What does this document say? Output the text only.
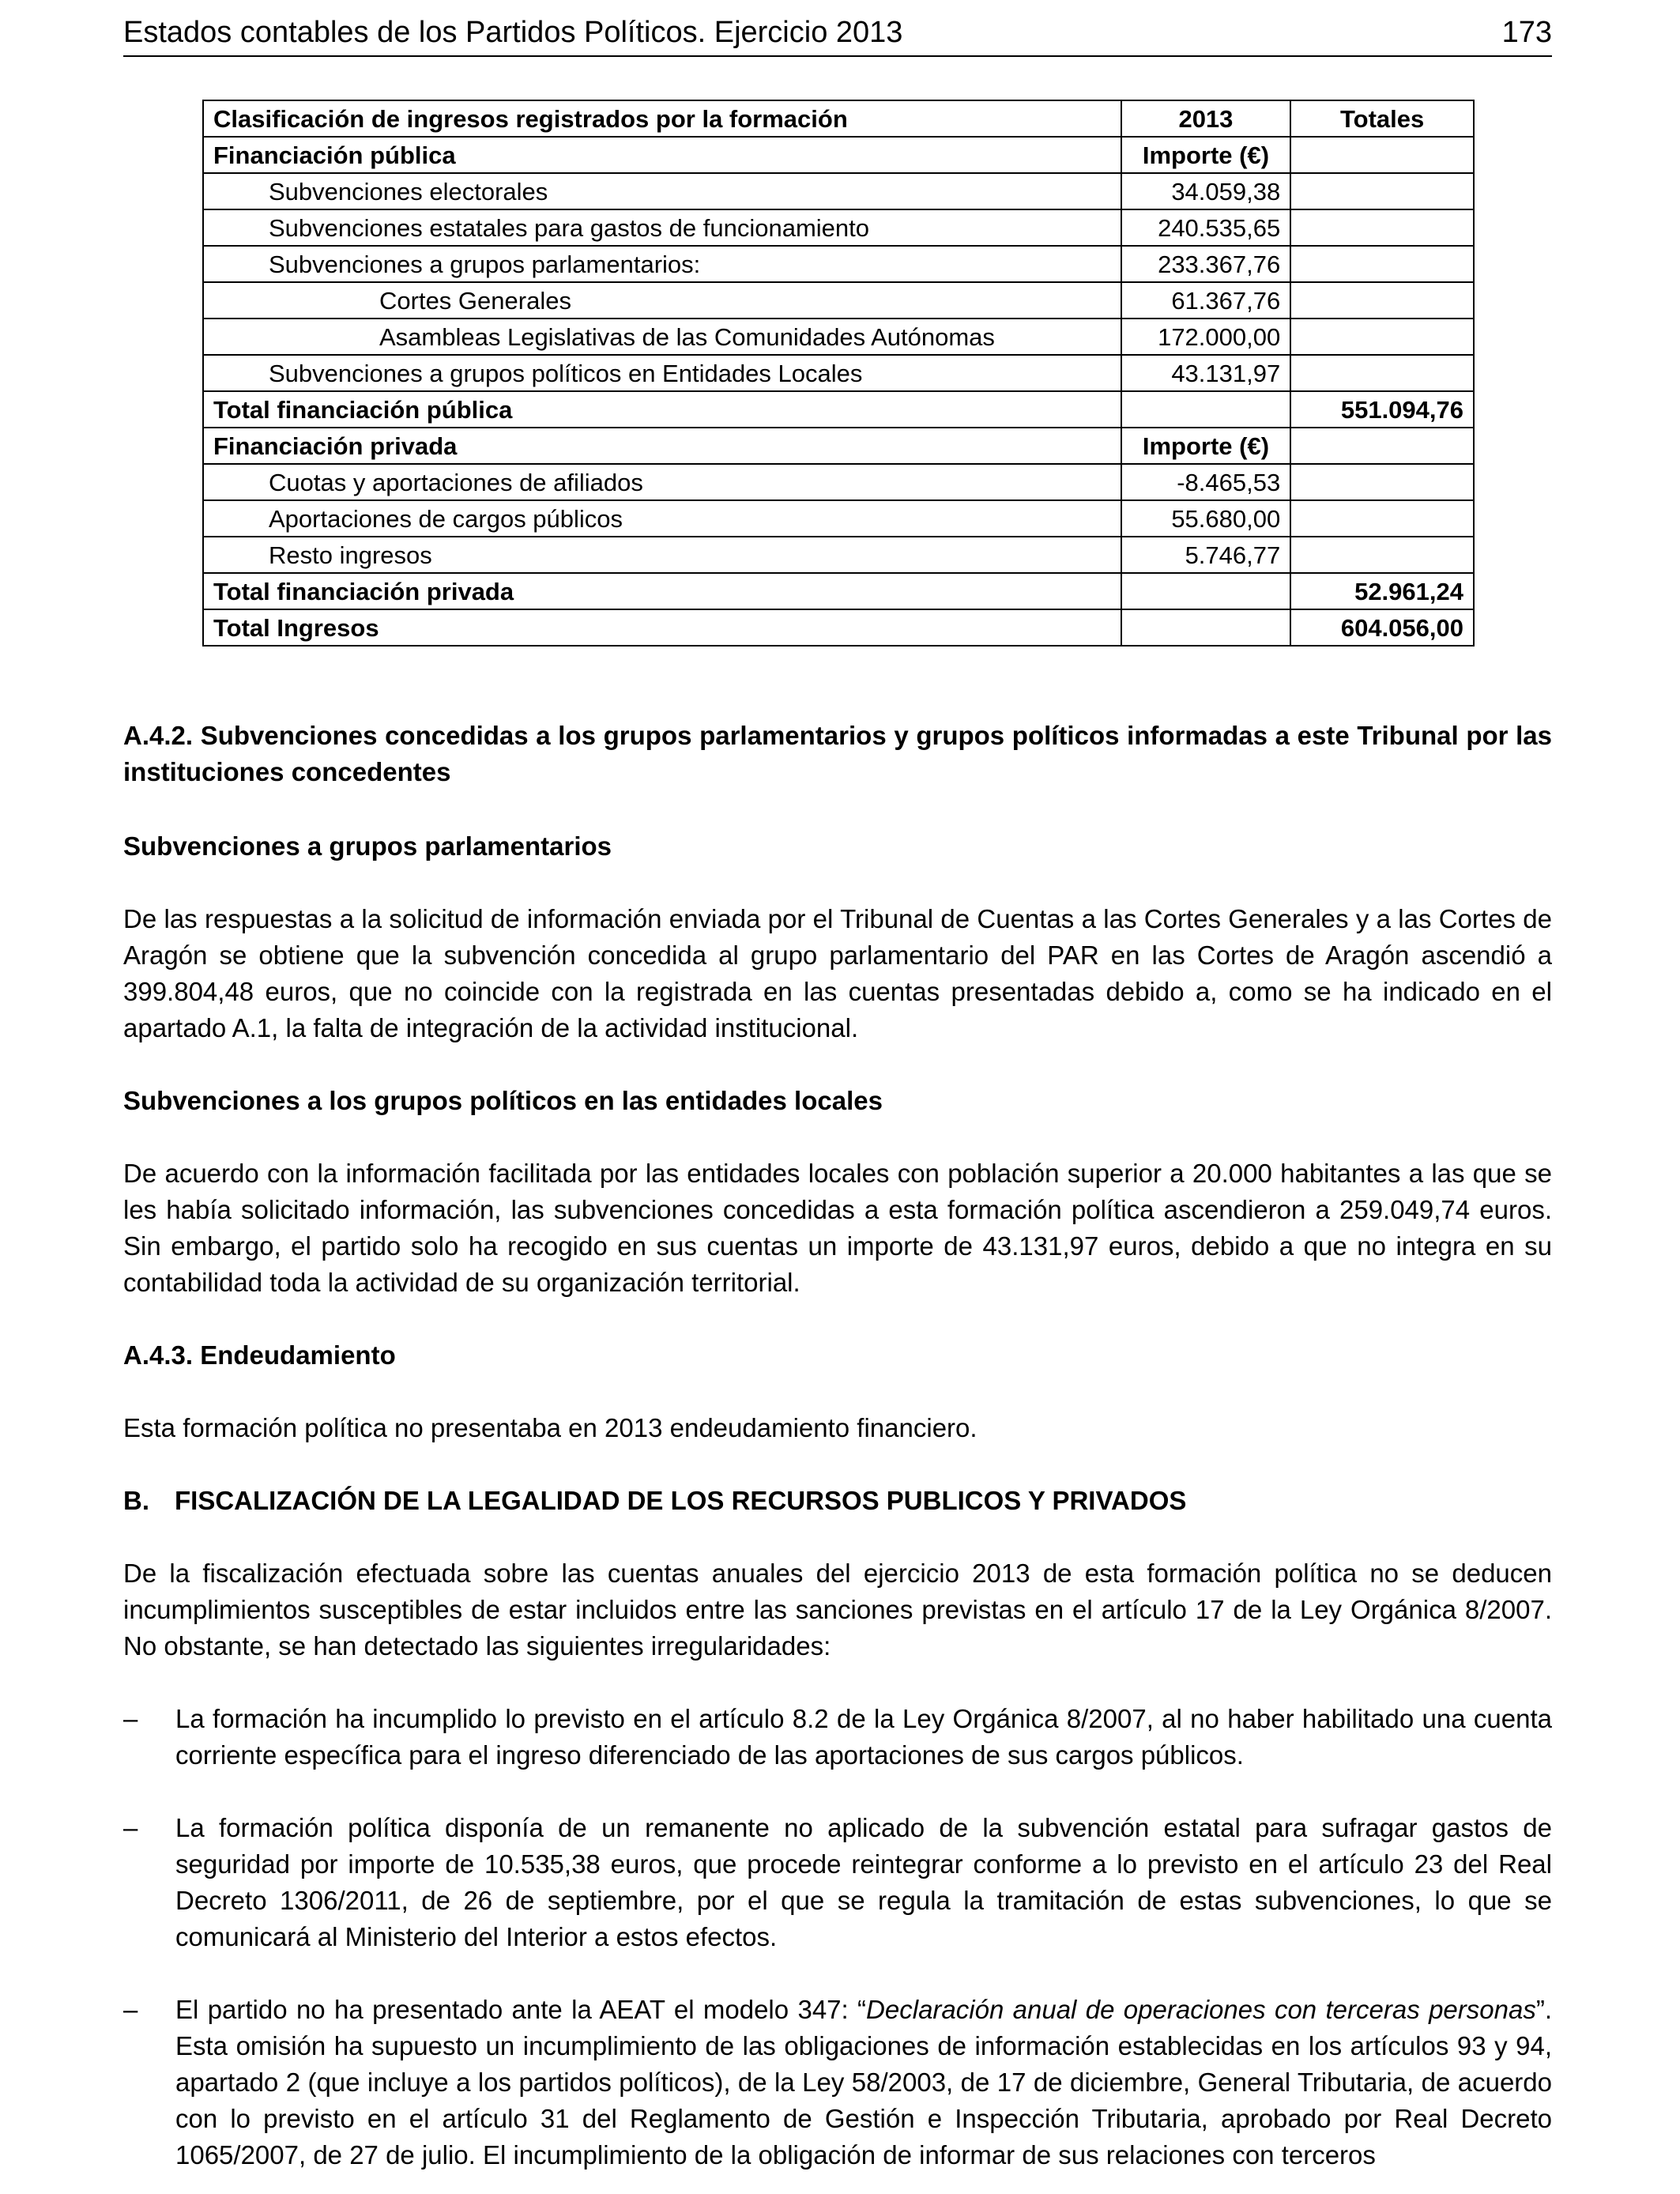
Estados contables de los Partidos Políticos. Ejercicio 2013	173
Clasificación de ingresos registrados por la formación	2013	Totales
Financiación pública	Importe (€)	
Subvenciones electorales	34.059,38	
Subvenciones estatales para gastos de funcionamiento	240.535,65	
Subvenciones a grupos parlamentarios:	233.367,76	
Cortes Generales	61.367,76	
Asambleas Legislativas de las Comunidades Autónomas	172.000,00	
Subvenciones a grupos políticos en Entidades Locales	43.131,97	
Total financiación pública		551.094,76
Financiación privada	Importe (€)	
Cuotas y aportaciones de afiliados	-8.465,53	
Aportaciones de cargos públicos	55.680,00	
Resto ingresos	5.746,77	
Total financiación privada		52.961,24
Total Ingresos		604.056,00
A.4.2. Subvenciones concedidas a los grupos parlamentarios y grupos políticos informadas a este Tribunal por las instituciones concedentes
Subvenciones a grupos parlamentarios
De las respuestas a la solicitud de información enviada por el Tribunal de Cuentas a las Cortes Generales y a las Cortes de Aragón se obtiene que la subvención concedida al grupo parlamentario del PAR en las Cortes de Aragón ascendió a 399.804,48 euros, que no coincide con la registrada en las cuentas presentadas debido a, como se ha indicado en el apartado A.1, la falta de integración de la actividad institucional.
Subvenciones a los grupos políticos en las entidades locales
De acuerdo con la información facilitada por las entidades locales con población superior a 20.000 habitantes a las que se les había solicitado información, las subvenciones concedidas a esta formación política ascendieron a 259.049,74 euros. Sin embargo, el partido solo ha recogido en sus cuentas un importe de 43.131,97 euros, debido a que no integra en su contabilidad toda la actividad de su organización territorial.
A.4.3. Endeudamiento
Esta formación política no presentaba en 2013 endeudamiento financiero.
B. FISCALIZACIÓN DE LA LEGALIDAD DE LOS RECURSOS PUBLICOS Y PRIVADOS
De la fiscalización efectuada sobre las cuentas anuales del ejercicio 2013 de esta formación política no se deducen incumplimientos susceptibles de estar incluidos entre las sanciones previstas en el artículo 17 de la Ley Orgánica 8/2007. No obstante, se han detectado las siguientes irregularidades:
– La formación ha incumplido lo previsto en el artículo 8.2 de la Ley Orgánica 8/2007, al no haber habilitado una cuenta corriente específica para el ingreso diferenciado de las aportaciones de sus cargos públicos.
– La formación política disponía de un remanente no aplicado de la subvención estatal para sufragar gastos de seguridad por importe de 10.535,38 euros, que procede reintegrar conforme a lo previsto en el artículo 23 del Real Decreto 1306/2011, de 26 de septiembre, por el que se regula la tramitación de estas subvenciones, lo que se comunicará al Ministerio del Interior a estos efectos.
– El partido no ha presentado ante la AEAT el modelo 347: “Declaración anual de operaciones con terceras personas”. Esta omisión ha supuesto un incumplimiento de las obligaciones de información establecidas en los artículos 93 y 94, apartado 2 (que incluye a los partidos políticos), de la Ley 58/2003, de 17 de diciembre, General Tributaria, de acuerdo con lo previsto en el artículo 31 del Reglamento de Gestión e Inspección Tributaria, aprobado por Real Decreto 1065/2007, de 27 de julio. El incumplimiento de la obligación de informar de sus relaciones con terceros
